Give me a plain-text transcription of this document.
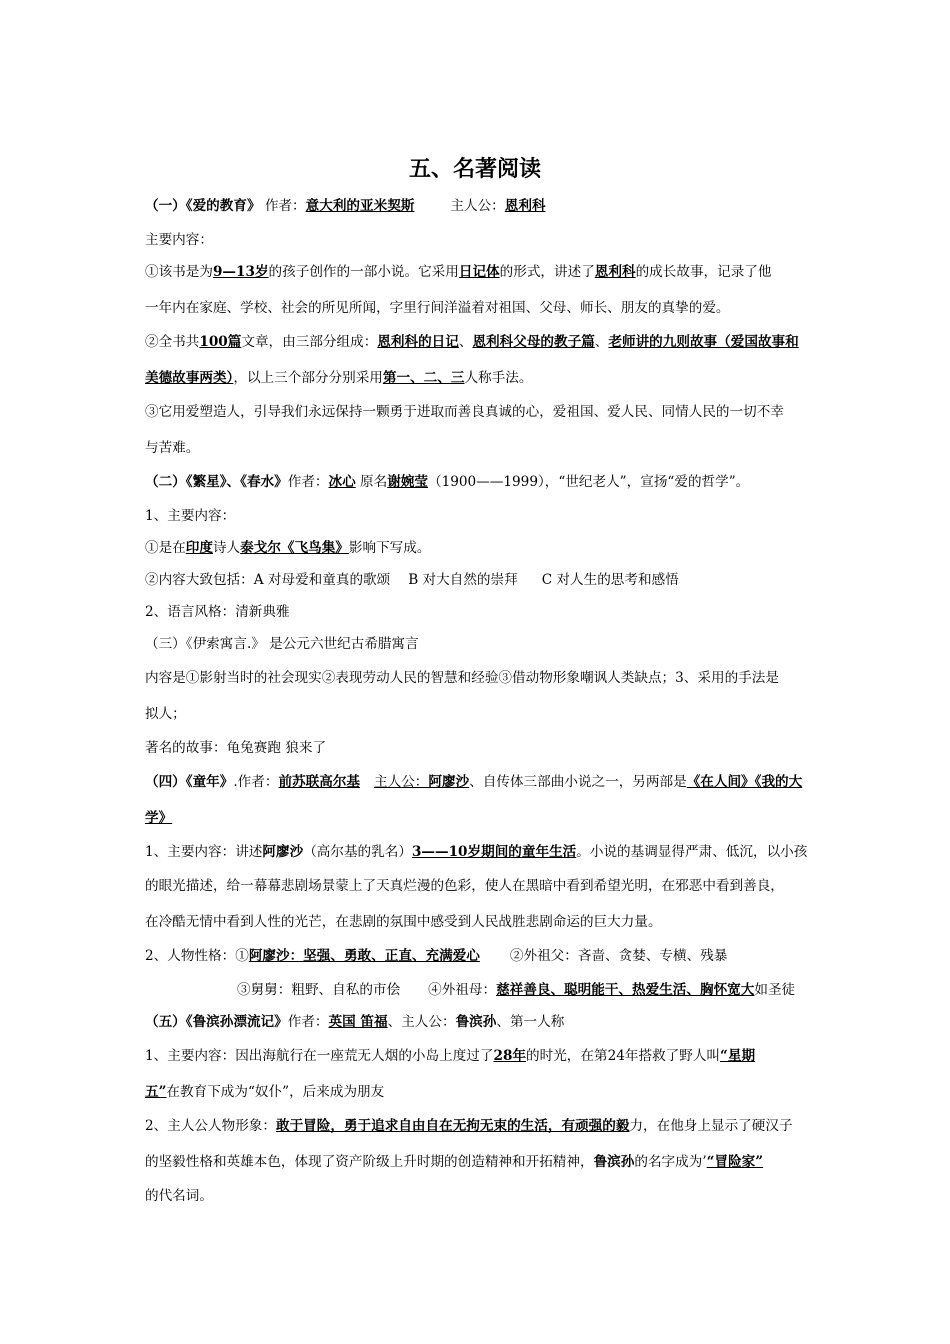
五、名著阅读
（一）《爱的教育》 作者：意大利的亚米契斯	主人公：恩利科
主要内容：
①该书是为9—13岁的孩子创作的一部小说。它采用日记体的形式，讲述了恩利科的成长故事，记录了他
一年内在家庭、学校、社会的所见所闻，字里行间洋溢着对祖国、父母、师长、朋友的真挚的爱。
②全书共100篇文章，由三部分组成：恩利科的日记、恩利科父母的教子篇、老师讲的九则故事（爱国故事和
美德故事两类），以上三个部分分别采用第一、二、三人称手法。
③它用爱塑造人，引导我们永远保持一颗勇于进取而善良真诚的心，爱祖国、爱人民、同情人民的一切不幸
与苦难。
（二）《繁星》、《春水》作者：冰心 原名谢婉莹（1900——1999），“世纪老人”，宣扬“爱的哲学”。
1、主要内容：
①是在印度诗人泰戈尔《飞鸟集》影响下写成。
②内容大致包括：A 对母爱和童真的歌颂 B 对大自然的崇拜 C 对人生的思考和感悟
2、语言风格：清新典雅
（三）《伊索寓言.》 是公元六世纪古希腊寓言
内容是①影射当时的社会现实②表现劳动人民的智慧和经验③借动物形象嘲讽人类缺点；3、采用的手法是
拟人；
著名的故事：龟兔赛跑 狼来了
（四）《童年》.作者：前苏联高尔基 主人公：阿廖沙、自传体三部曲小说之一，另两部是《在人间》《我的大
学》
1、主要内容：讲述阿廖沙（高尔基的乳名）3——10岁期间的童年生活。小说的基调显得严肃、低沉，以小孩
的眼光描述，给一幕幕悲剧场景蒙上了天真烂漫的色彩，使人在黑暗中看到希望光明，在邪恶中看到善良，
在冷酷无情中看到人性的光芒，在悲剧的氛围中感受到人民战胜悲剧命运的巨大力量。
2、人物性格：①阿廖沙：坚强、勇敢、正直、充满爱心 ②外祖父：吝啬、贪婪、专横、残暴
③舅舅：粗野、自私的市侩 ④外祖母：慈祥善良、聪明能干、热爱生活、胸怀宽大如圣徒
（五）《鲁滨孙漂流记》作者：英国 笛福、主人公：鲁滨孙、第一人称
1、主要内容：因出海航行在一座荒无人烟的小岛上度过了28年的时光，在第24年搭救了野人叫“星期
五”在教育下成为“奴仆”，后来成为朋友
2、主人公人物形象：敢于冒险，勇于追求自由自在无拘无束的生活，有顽强的毅力，在他身上显示了硬汉子
的坚毅性格和英雄本色，体现了资产阶级上升时期的创造精神和开拓精神，鲁滨孙的名字成为’“冒险家”
的代名词。
